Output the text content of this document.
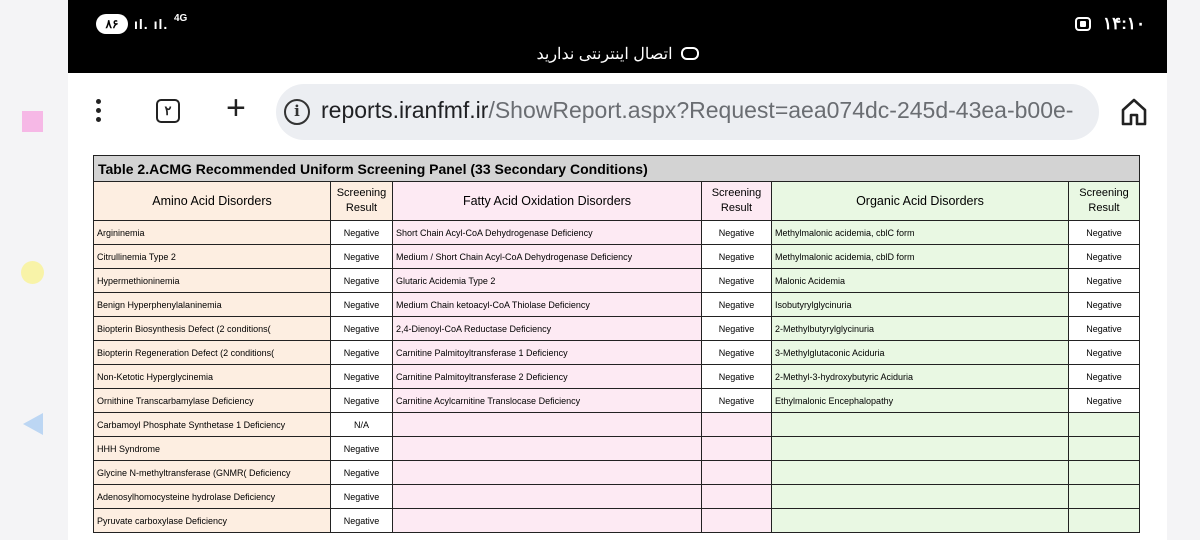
۸۶	ıl. ıl. 4G	۱۴:۱۰
اتصال اینترنتی ندارید
۲ +	i reports.iranfmf.ir/ShowReport.aspx?Request=aea074dc-245d-43ea-b00e-
Table 2.ACMG Recommended Uniform Screening Panel (33 Secondary Conditions)					
Amino Acid Disorders	Screening Result	Fatty Acid Oxidation Disorders	Screening Result	Organic Acid Disorders	Screening Result
Argininemia	Negative	Short Chain Acyl-CoA Dehydrogenase Deficiency	Negative	Methylmalonic acidemia, cblC form	Negative
Citrullinemia Type 2	Negative	Medium / Short Chain Acyl-CoA Dehydrogenase Deficiency	Negative	Methylmalonic acidemia, cblD form	Negative
Hypermethioninemia	Negative	Glutaric Acidemia Type 2	Negative	Malonic Acidemia	Negative
Benign Hyperphenylalaninemia	Negative	Medium Chain ketoacyl-CoA Thiolase Deficiency	Negative	Isobutyrylglycinuria	Negative
Biopterin Biosynthesis Defect (2 conditions(	Negative	2,4-Dienoyl-CoA Reductase Deficiency	Negative	2-Methylbutyrylglycinuria	Negative
Biopterin Regeneration Defect (2 conditions(	Negative	Carnitine Palmitoyltransferase 1 Deficiency	Negative	3-Methylglutaconic Aciduria	Negative
Non-Ketotic Hyperglycinemia	Negative	Carnitine Palmitoyltransferase 2 Deficiency	Negative	2-Methyl-3-hydroxybutyric Aciduria	Negative
Ornithine Transcarbamylase Deficiency	Negative	Carnitine Acylcarnitine Translocase Deficiency	Negative	Ethylmalonic Encephalopathy	Negative
Carbamoyl Phosphate Synthetase 1 Deficiency	N/A				
HHH Syndrome	Negative				
Glycine N-methyltransferase (GNMR( Deficiency	Negative				
Adenosylhomocysteine hydrolase Deficiency	Negative				
Pyruvate carboxylase Deficiency	Negative				
